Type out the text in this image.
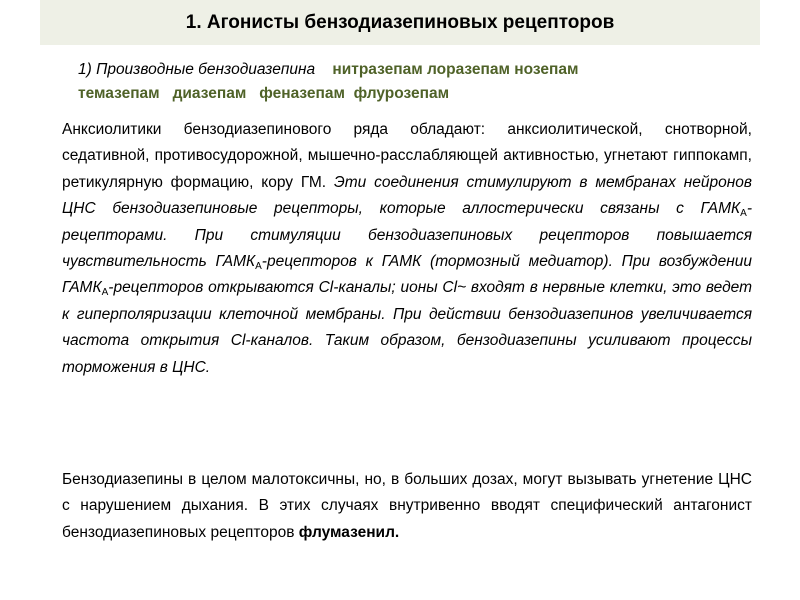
1. Агонисты бензодиазепиновых рецепторов
1) Производные бензодиазепина нитразепам лоразепам нозепам
темазепам   диазепам   феназепам  флурозепам

Анксиолитики бензодиазепинового ряда обладают: анксиолитической, снотворной, седативной, противосудорожной, мышечно-расслабляющей активностью, угнетают гиппокамп, ретикулярную формацию, кору ГМ. Эти соединения стимулируют в мембранах нейронов ЦНС бензодиазепиновые рецепторы, которые аллостерически связаны с $ГАМК_А$-рецепторами. При стимуляции бензодиазепиновых рецепторов повышается чувствительность $ГАМК_А$-рецепторов к ГАМК (тормозный медиатор). При возбуждении $ГАМК_А$-рецепторов открываются Cl-каналы; ионы Cl~ входят в нервные клетки, это ведет к гиперполяризации клеточной мембраны. При действии бензодиазепинов увеличивается частота открытия Cl-каналов. Таким образом, бензодиазепины усиливают процессы торможения в ЦНС.

Бензодиазепины в целом малотоксичны, но, в больших дозах, могут вызывать угнетение ЦНС с нарушением дыхания. В этих случаях внутривенно вводят специфический антагонист бензодиазепиновых рецепторов флумазенил.
